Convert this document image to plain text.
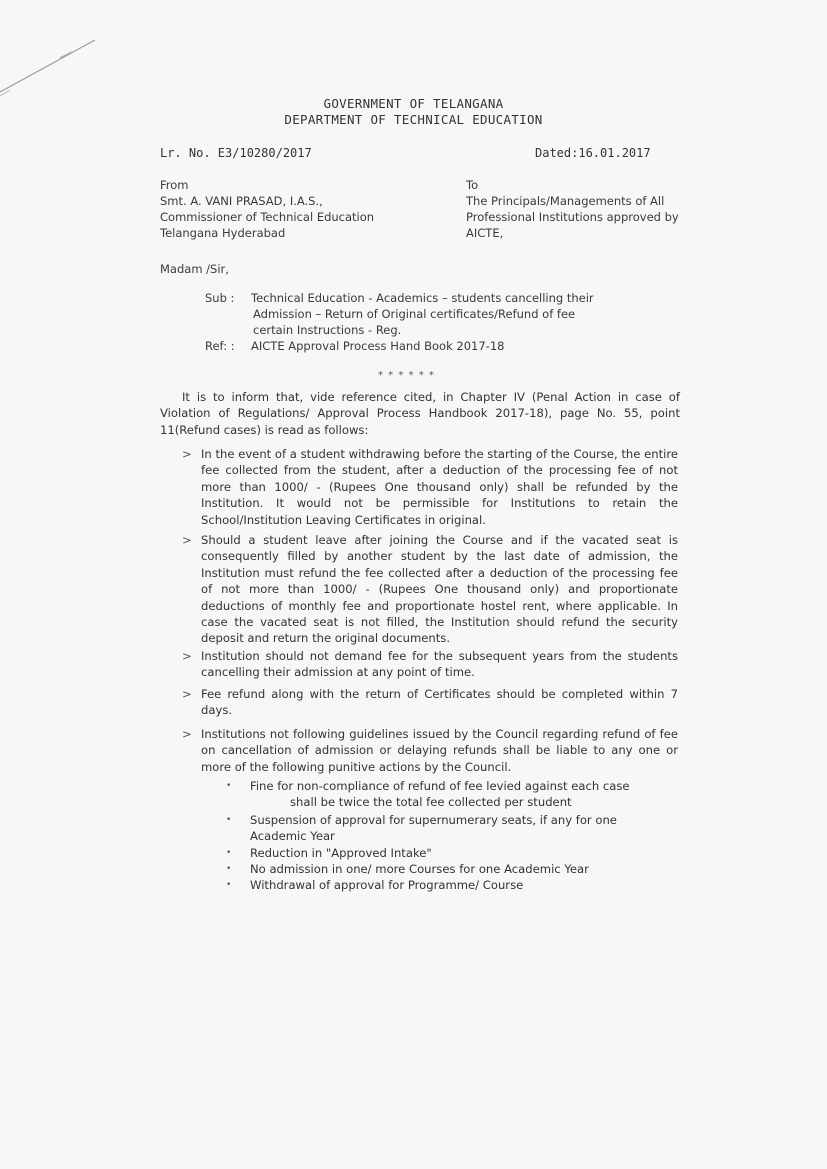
GOVERNMENT OF TELANGANA
DEPARTMENT OF TECHNICAL EDUCATION
Lr. No. E3/10280/2017	Dated:16.01.2017
From
Smt. A. VANI PRASAD, I.A.S.,
Commissioner of Technical Education
Telangana Hyderabad
To
The Principals/Managements of All
Professional Institutions approved by
AICTE,
Madam /Sir,
Sub : Technical Education - Academics – students cancelling their
Admission – Return of Original certificates/Refund of fee
certain Instructions - Reg.
Ref: : AICTE Approval Process Hand Book 2017-18
* * * * * *
It is to inform that, vide reference cited, in Chapter IV (Penal Action in case of Violation of Regulations/ Approval Process Handbook 2017-18), page No. 55, point 11(Refund cases) is read as follows:
> In the event of a student withdrawing before the starting of the Course, the entire fee collected from the student, after a deduction of the processing fee of not more than 1000/ - (Rupees One thousand only) shall be refunded by the Institution. It would not be permissible for Institutions to retain the School/Institution Leaving Certificates in original.
> Should a student leave after joining the Course and if the vacated seat is consequently filled by another student by the last date of admission, the Institution must refund the fee collected after a deduction of the processing fee of not more than 1000/ - (Rupees One thousand only) and proportionate deductions of monthly fee and proportionate hostel rent, where applicable. In case the vacated seat is not filled, the Institution should refund the security deposit and return the original documents.
> Institution should not demand fee for the subsequent years from the students cancelling their admission at any point of time.
> Fee refund along with the return of Certificates should be completed within 7 days.
> Institutions not following guidelines issued by the Council regarding refund of fee on cancellation of admission or delaying refunds shall be liable to any one or more of the following punitive actions by the Council.
•	Fine for non-compliance of refund of fee levied against each case
shall be twice the total fee collected per student
•	Suspension of approval for supernumerary seats, if any for one
Academic Year
•	Reduction in "Approved Intake"
•	No admission in one/ more Courses for one Academic Year
•	Withdrawal of approval for Programme/ Course
